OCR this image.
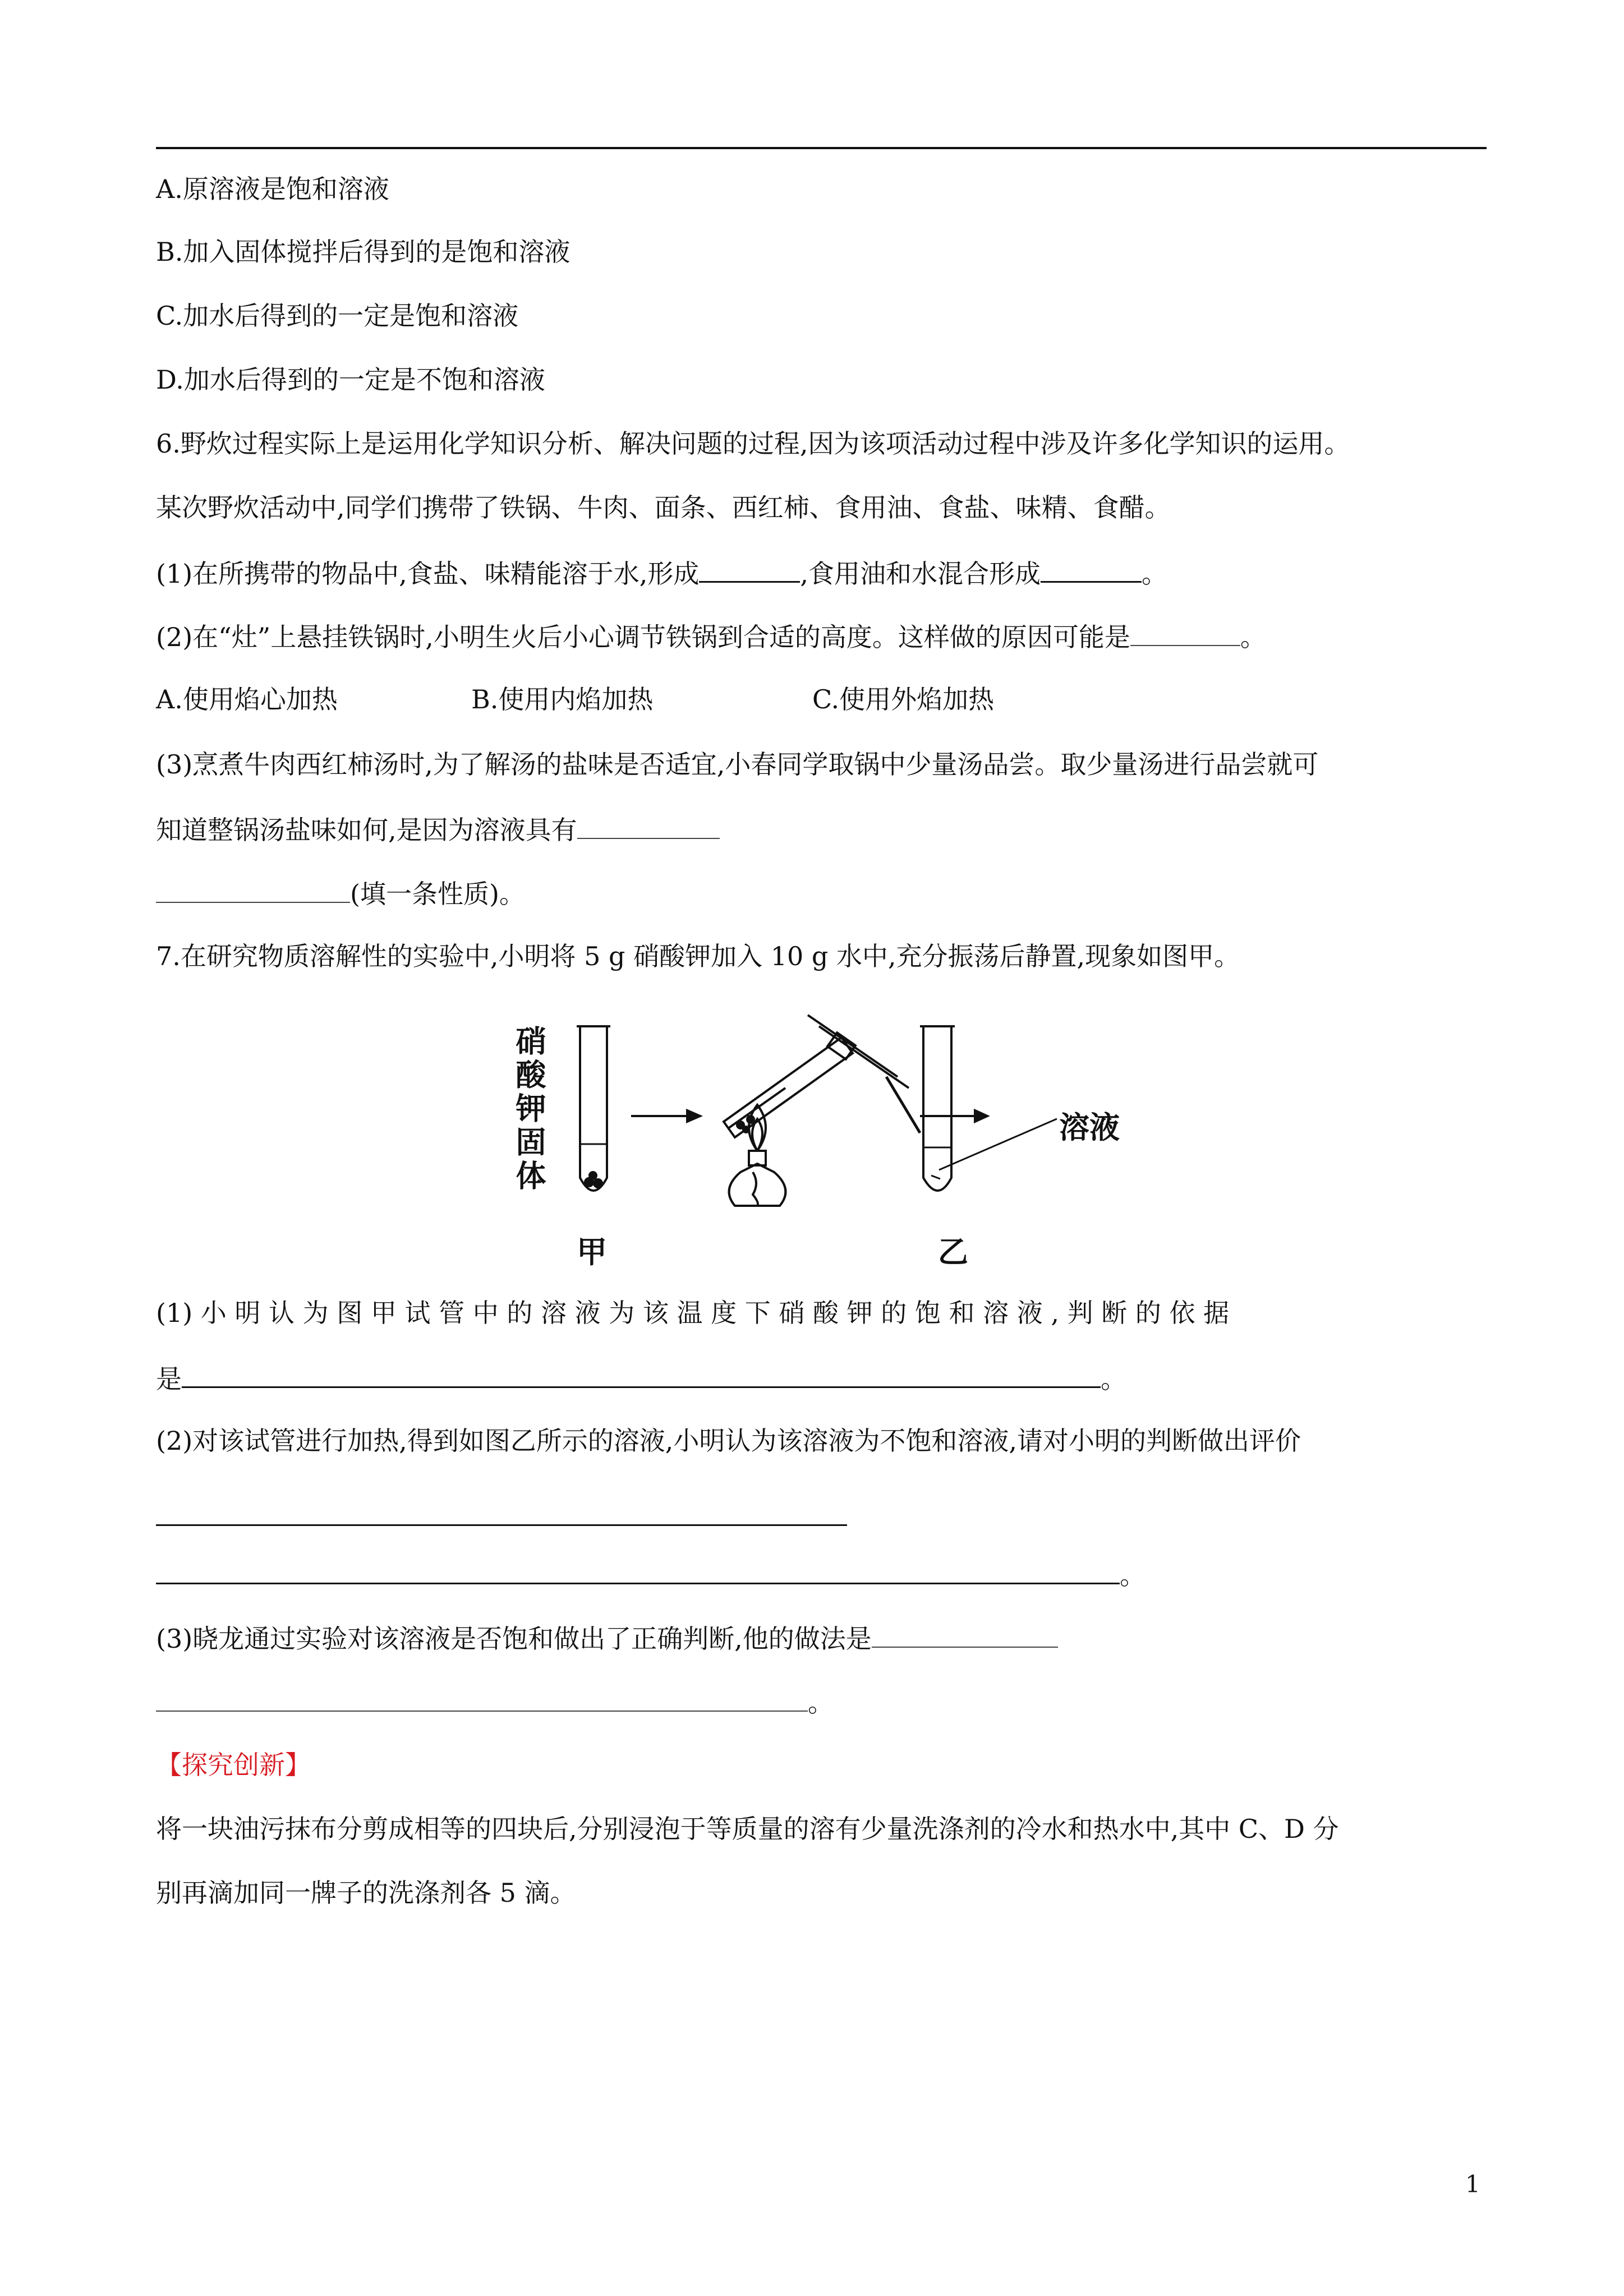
A.原溶液是饱和溶液
B.加入固体搅拌后得到的是饱和溶液
C.加水后得到的一定是饱和溶液
D.加水后得到的一定是不饱和溶液
6.野炊过程实际上是运用化学知识分析、解决问题的过程,因为该项活动过程中涉及许多化学知识的运用。
某次野炊活动中,同学们携带了铁锅、牛肉、面条、西红柿、食用油、食盐、味精、食醋。
(1)在所携带的物品中,食盐、味精能溶于水,形成	,食用油和水混合形成	。
(2)在“灶”上悬挂铁锅时,小明生火后小心调节铁锅到合适的高度。这样做的原因可能是	。
A.使用焰心加热	B.使用内焰加热	C.使用外焰加热
(3)烹煮牛肉西红柿汤时,为了解汤的盐味是否适宜,小春同学取锅中少量汤品尝。取少量汤进行品尝就可
知道整锅汤盐味如何,是因为溶液具有
(填一条性质)。
7.在研究物质溶解性的实验中,小明将 5 g 硝酸钾加入 10 g 水中,充分振荡后静置,现象如图甲。
硝酸钾固体	溶液
甲	乙
(1) 小 明 认 为 图 甲 试 管 中 的 溶 液 为 该 温 度 下 硝 酸 钾 的 饱 和 溶 液 , 判 断 的 依 据
是	。
(2)对该试管进行加热,得到如图乙所示的溶液,小明认为该溶液为不饱和溶液,请对小明的判断做出评价
。
(3)晓龙通过实验对该溶液是否饱和做出了正确判断,他的做法是
。
【探究创新】
将一块油污抹布分剪成相等的四块后,分别浸泡于等质量的溶有少量洗涤剂的冷水和热水中,其中 C、D 分
别再滴加同一牌子的洗涤剂各 5 滴。
1
